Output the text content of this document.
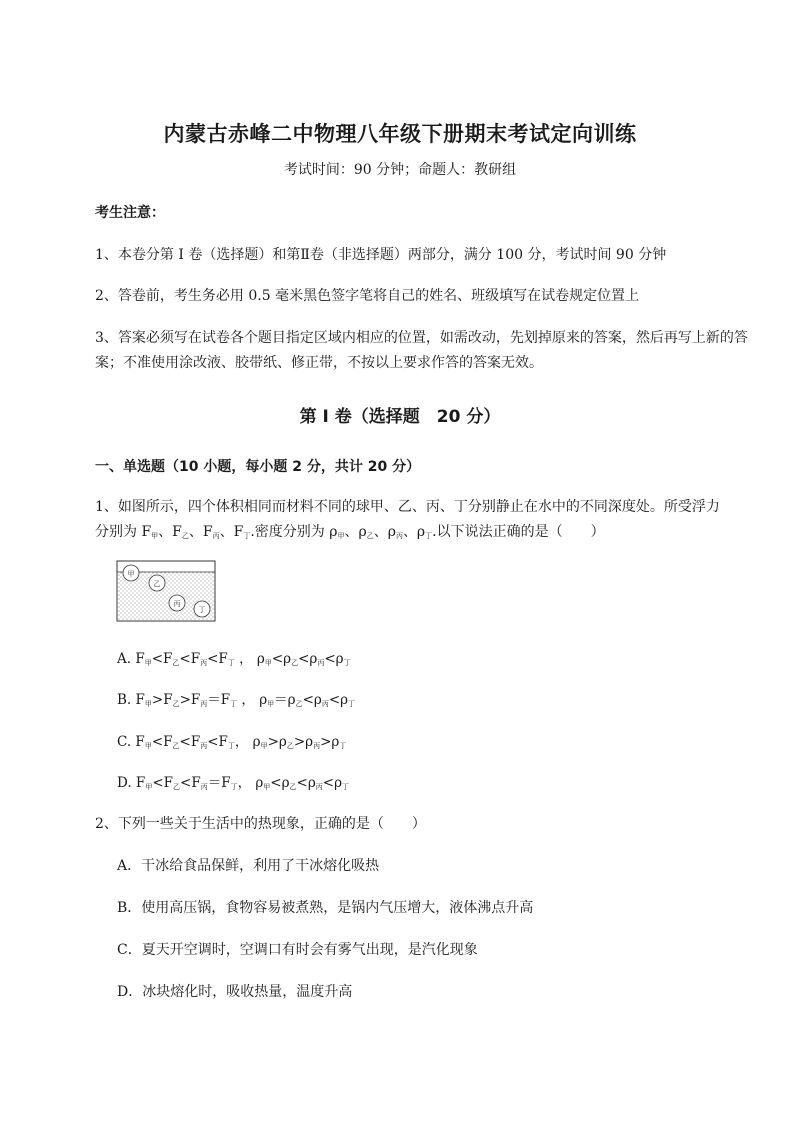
内蒙古赤峰二中物理八年级下册期末考试定向训练
考试时间：90 分钟；命题人：教研组
考生注意：
1、本卷分第 I 卷（选择题）和第Ⅱ卷（非选择题）两部分，满分 100 分，考试时间 90 分钟
2、答卷前，考生务必用 0.5 毫米黑色签字笔将自己的姓名、班级填写在试卷规定位置上
3、答案必须写在试卷各个题目指定区域内相应的位置，如需改动，先划掉原来的答案，然后再写上新的答案；不准使用涂改液、胶带纸、修正带，不按以上要求作答的答案无效。
第 I 卷（选择题　20 分）
一、单选题（10 小题，每小题 2 分，共计 20 分）
1、如图所示，四个体积相同而材料不同的球甲、乙、丙、丁分别静止在水中的不同深度处。所受浮力
分别为 $F_甲$、$F_乙$、$F_丙$、$F_丁$.密度分别为 $\rho_甲$、$\rho_乙$、$\rho_丙$、$\rho_丁$.以下说法正确的是（　　）
甲
乙
丙
丁
A. $F_甲<F_乙<F_丙<F_丁$ ， $\rho_甲<\rho_乙<\rho_丙<\rho_丁$
B. $F_甲>F_乙>F_丙=F_丁$ ， $\rho_甲=\rho_乙<\rho_丙<\rho_丁$
C. $F_甲<F_乙<F_丙<F_丁$， $\rho_甲>\rho_乙>\rho_丙>\rho_丁$
D. $F_甲<F_乙<F_丙=F_丁$， $\rho_甲<\rho_乙<\rho_丙<\rho_丁$
2、下列一些关于生活中的热现象，正确的是（　　）
A．干冰给食品保鲜，利用了干冰熔化吸热
B．使用高压锅，食物容易被煮熟，是锅内气压增大，液体沸点升高
C．夏天开空调时，空调口有时会有雾气出现，是汽化现象
D．冰块熔化时，吸收热量，温度升高
